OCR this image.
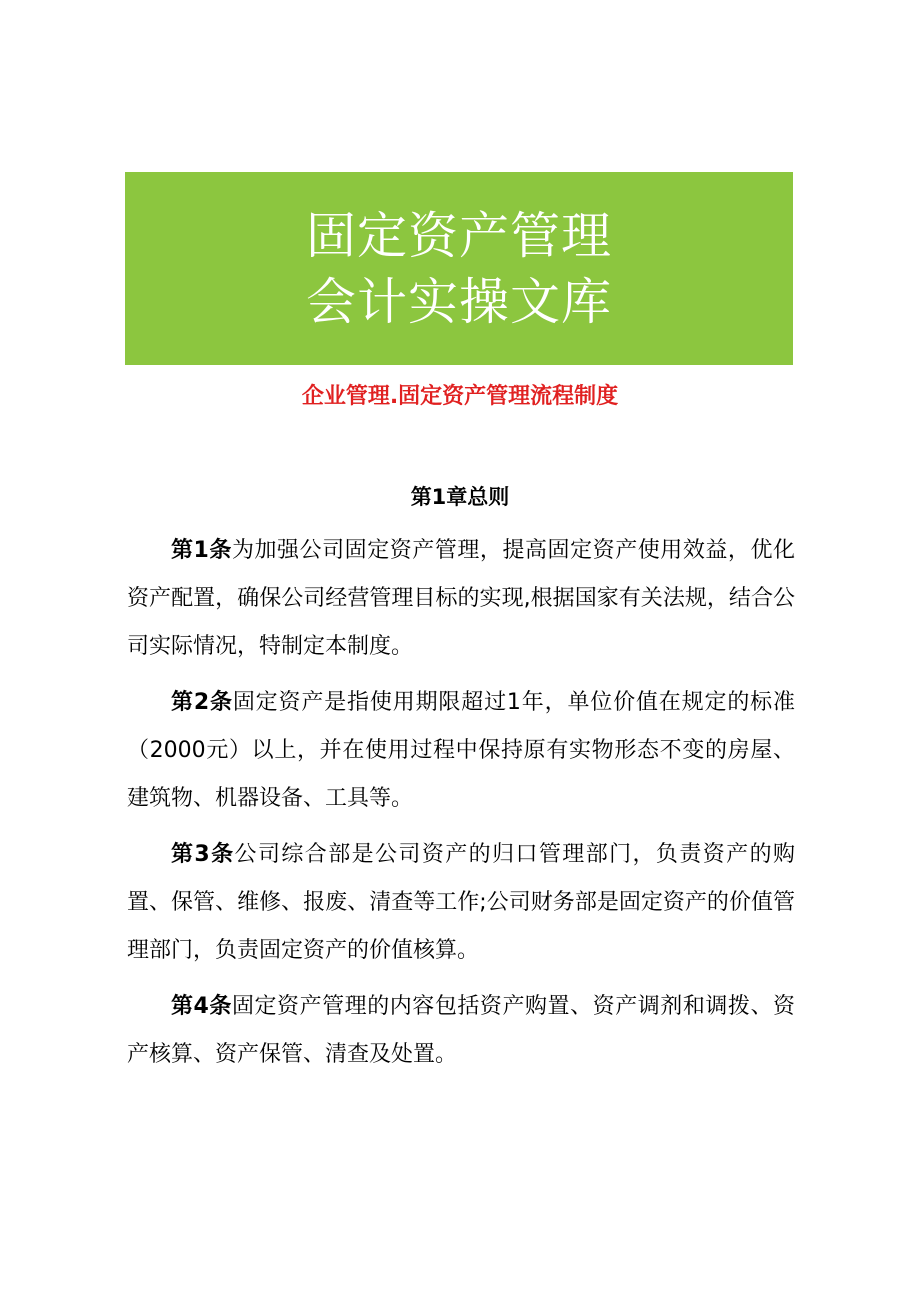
固定资产管理
会计实操文库
企业管理.固定资产管理流程制度
第1章总则

第1条为加强公司固定资产管理，提高固定资产使用效益，优化资产配置，确保公司经营管理目标的实现,根据国家有关法规，结合公司实际情况，特制定本制度。

第2条固定资产是指使用期限超过1年，单位价值在规定的标准（2000元）以上，并在使用过程中保持原有实物形态不变的房屋、建筑物、机器设备、工具等。

第3条公司综合部是公司资产的归口管理部门，负责资产的购置、保管、维修、报废、清查等工作;公司财务部是固定资产的价值管理部门，负责固定资产的价值核算。

第4条固定资产管理的内容包括资产购置、资产调剂和调拨、资产核算、资产保管、清查及处置。
